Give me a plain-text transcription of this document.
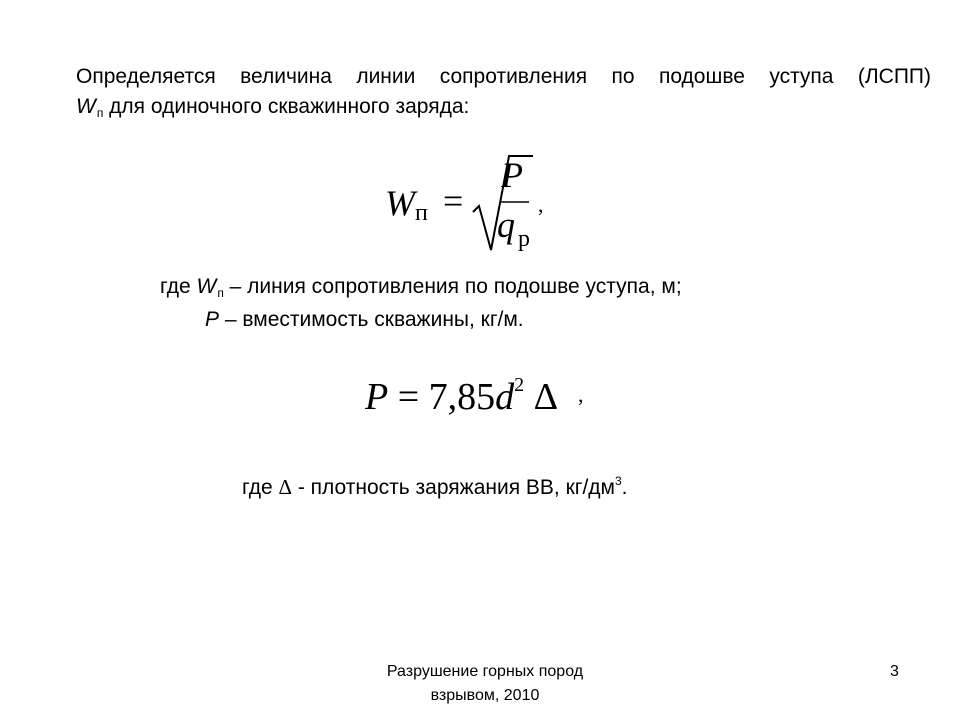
Определяется величина линии сопротивления по подошве уступа (ЛСПП)
Wп для одиночного скважинного заряда:
W п =
P
q р
,
где Wп – линия сопротивления по подошве уступа, м;
P – вместимость скважины, кг/м.
$P = 7,85d^2$ Δ ,
где Δ - плотность заряжания ВВ, $кг/дм^3$.
Разрушение горных пород
взрывом, 2010
3
